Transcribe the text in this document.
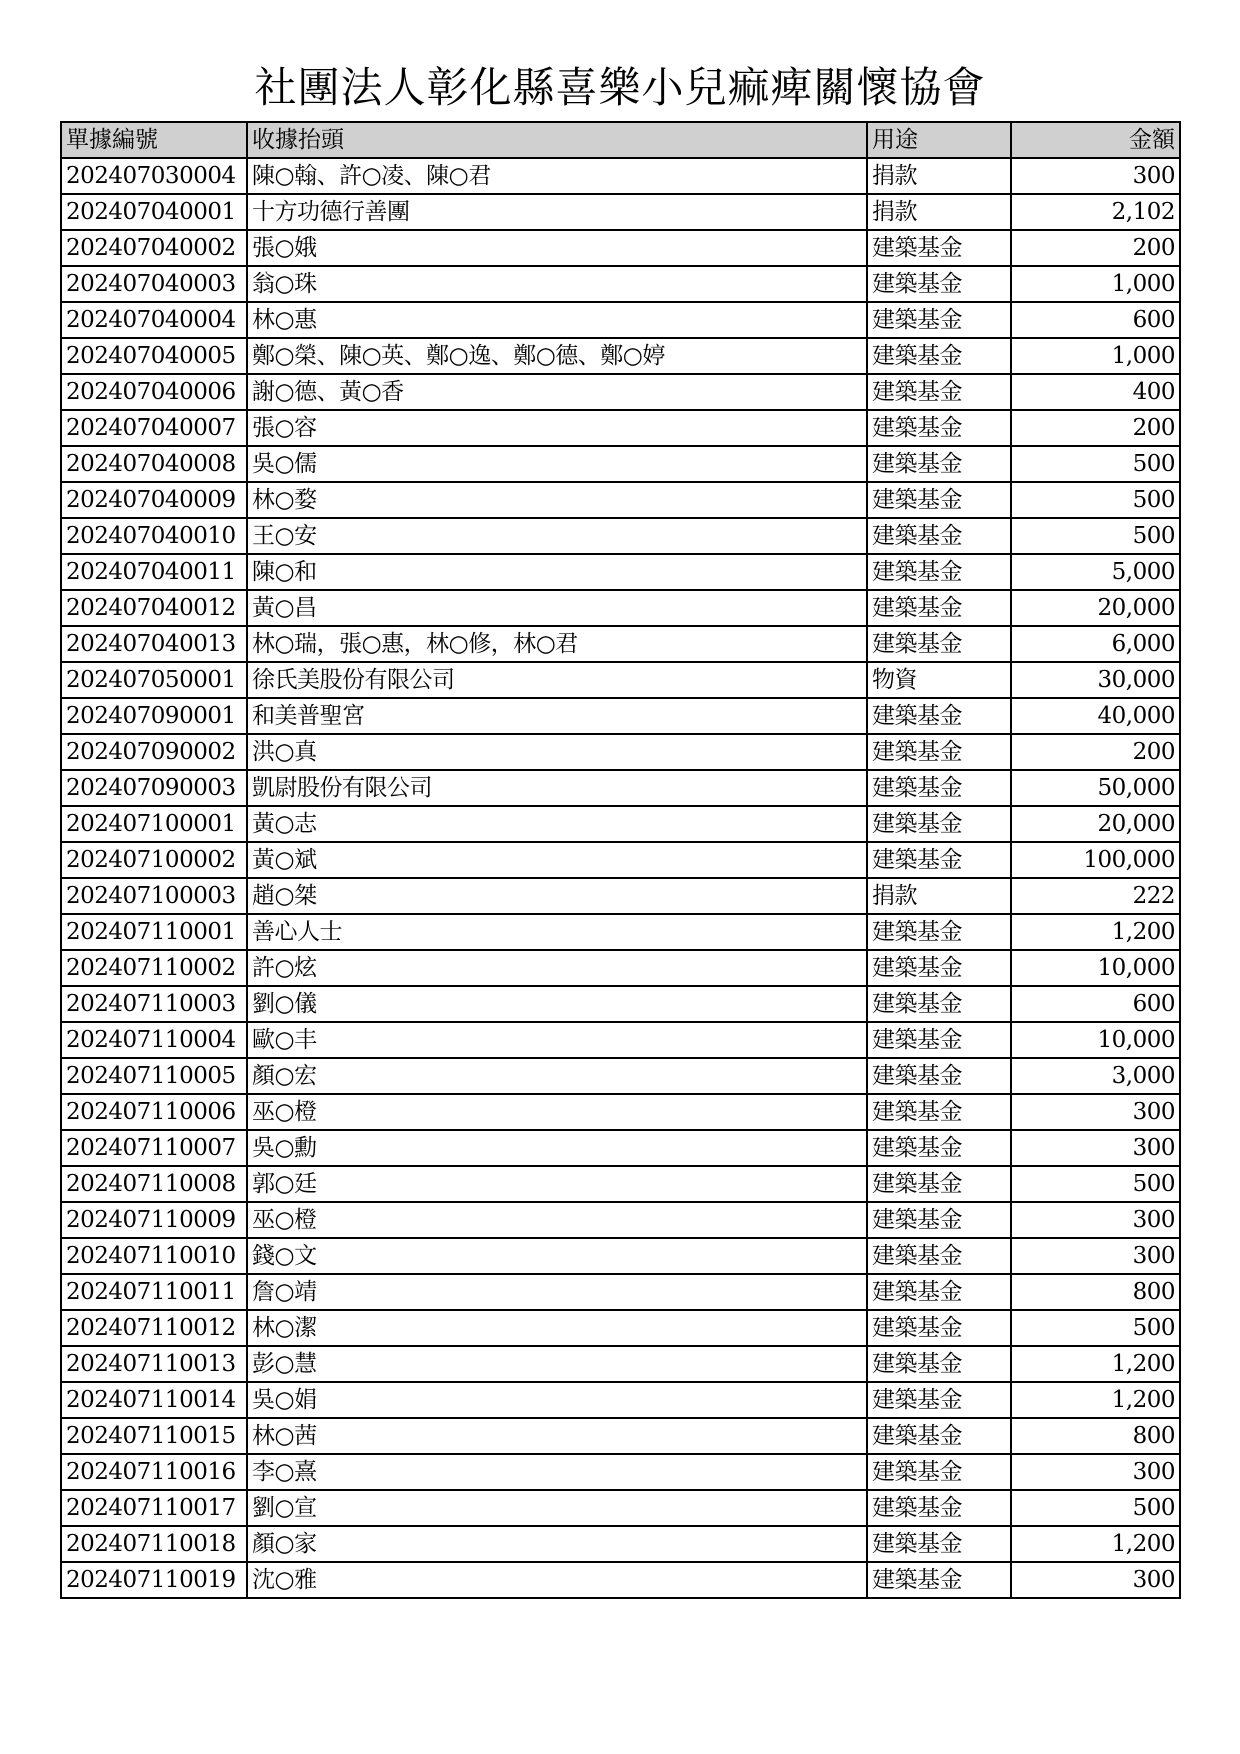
社團法人彰化縣喜樂小兒痲痺關懷協會
單據編號	收據抬頭	用途	金額
202407030004	陳○翰、許○凌、陳○君	捐款	300
202407040001	十方功德行善團	捐款	2,102
202407040002	張○娥	建築基金	200
202407040003	翁○珠	建築基金	1,000
202407040004	林○惠	建築基金	600
202407040005	鄭○榮、陳○英、鄭○逸、鄭○德、鄭○婷	建築基金	1,000
202407040006	謝○德、黃○香	建築基金	400
202407040007	張○容	建築基金	200
202407040008	吳○儒	建築基金	500
202407040009	林○婺	建築基金	500
202407040010	王○安	建築基金	500
202407040011	陳○和	建築基金	5,000
202407040012	黃○昌	建築基金	20,000
202407040013	林○瑞，張○惠，林○修，林○君	建築基金	6,000
202407050001	徐氏美股份有限公司	物資	30,000
202407090001	和美普聖宮	建築基金	40,000
202407090002	洪○真	建築基金	200
202407090003	凱尉股份有限公司	建築基金	50,000
202407100001	黃○志	建築基金	20,000
202407100002	黃○斌	建築基金	100,000
202407100003	趙○桀	捐款	222
202407110001	善心人士	建築基金	1,200
202407110002	許○炫	建築基金	10,000
202407110003	劉○儀	建築基金	600
202407110004	歐○丰	建築基金	10,000
202407110005	顏○宏	建築基金	3,000
202407110006	巫○橙	建築基金	300
202407110007	吳○勳	建築基金	300
202407110008	郭○廷	建築基金	500
202407110009	巫○橙	建築基金	300
202407110010	錢○文	建築基金	300
202407110011	詹○靖	建築基金	800
202407110012	林○潔	建築基金	500
202407110013	彭○慧	建築基金	1,200
202407110014	吳○娟	建築基金	1,200
202407110015	林○茜	建築基金	800
202407110016	李○熹	建築基金	300
202407110017	劉○宣	建築基金	500
202407110018	顏○家	建築基金	1,200
202407110019	沈○雅	建築基金	300
